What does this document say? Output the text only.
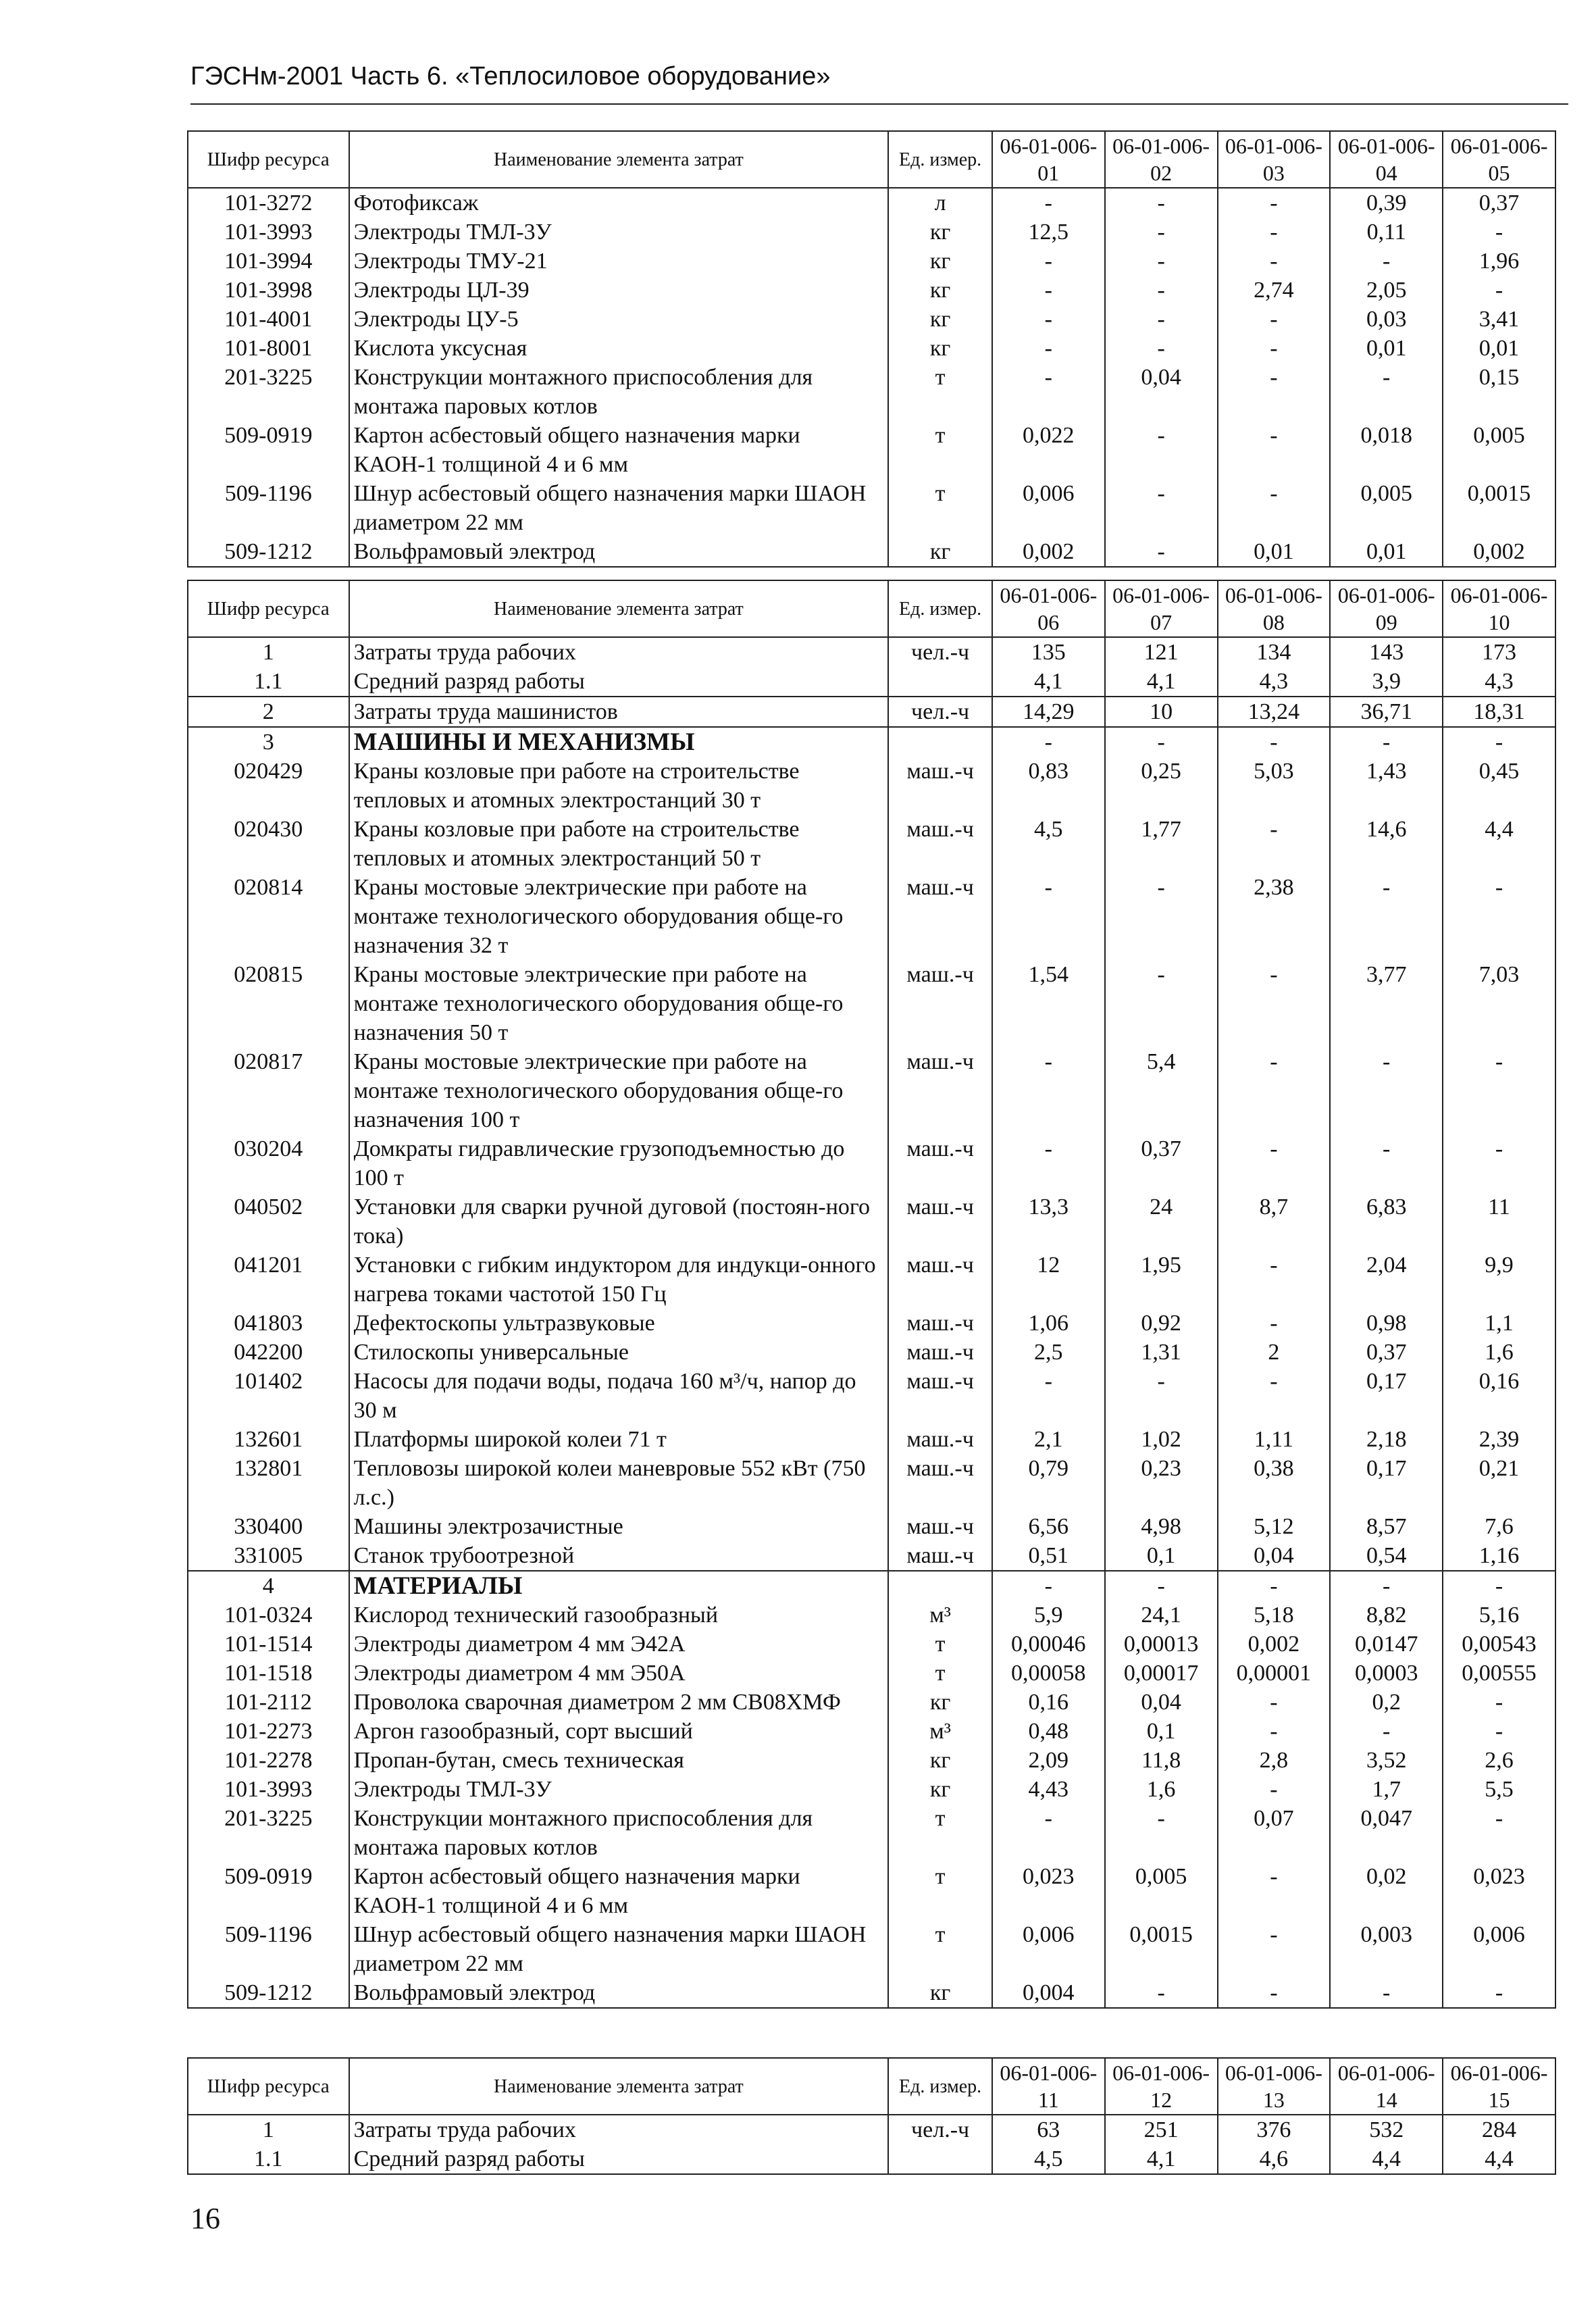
ГЭСНм-2001 Часть 6. «Теплосиловое оборудование»
Шифр ресурса	Наименование элемента затрат	Ед. измер.	06-01-006-01	06-01-006-02	06-01-006-03	06-01-006-04	06-01-006-05
101-3272	Фотофиксаж	л	-	-	-	0,39	0,37
101-3993	Электроды ТМЛ-3У	кг	12,5	-	-	0,11	-
101-3994	Электроды ТМУ-21	кг	-	-	-	-	1,96
101-3998	Электроды ЦЛ-39	кг	-	-	2,74	2,05	-
101-4001	Электроды ЦУ-5	кг	-	-	-	0,03	3,41
101-8001	Кислота уксусная	кг	-	-	-	0,01	0,01
201-3225	Конструкции монтажного приспособления для монтажа паровых котлов	т	-	0,04	-	-	0,15
509-0919	Картон асбестовый общего назначения марки КАОН-1 толщиной 4 и 6 мм	т	0,022	-	-	0,018	0,005
509-1196	Шнур асбестовый общего назначения марки ШАОН диаметром 22 мм	т	0,006	-	-	0,005	0,0015
509-1212	Вольфрамовый электрод	кг	0,002	-	0,01	0,01	0,002
Шифр ресурса	Наименование элемента затрат	Ед. измер.	06-01-006-06	06-01-006-07	06-01-006-08	06-01-006-09	06-01-006-10
1	Затраты труда рабочих	чел.-ч	135	121	134	143	173
1.1	Средний разряд работы		4,1	4,1	4,3	3,9	4,3
2	Затраты труда машинистов	чел.-ч	14,29	10	13,24	36,71	18,31
3	МАШИНЫ И МЕХАНИЗМЫ		-	-	-	-	-
020429	Краны козловые при работе на строительстве тепловых и атомных электростанций 30 т	маш.-ч	0,83	0,25	5,03	1,43	0,45
020430	Краны козловые при работе на строительстве тепловых и атомных электростанций 50 т	маш.-ч	4,5	1,77	-	14,6	4,4
020814	Краны мостовые электрические при работе на монтаже технологического оборудования обще-го назначения 32 т	маш.-ч	-	-	2,38	-	-
020815	Краны мостовые электрические при работе на монтаже технологического оборудования обще-го назначения 50 т	маш.-ч	1,54	-	-	3,77	7,03
020817	Краны мостовые электрические при работе на монтаже технологического оборудования обще-го назначения 100 т	маш.-ч	-	5,4	-	-	-
030204	Домкраты гидравлические грузоподъемностью до 100 т	маш.-ч	-	0,37	-	-	-
040502	Установки для сварки ручной дуговой (постоян-ного тока)	маш.-ч	13,3	24	8,7	6,83	11
041201	Установки с гибким индуктором для индукци-онного нагрева токами частотой 150 Гц	маш.-ч	12	1,95	-	2,04	9,9
041803	Дефектоскопы ультразвуковые	маш.-ч	1,06	0,92	-	0,98	1,1
042200	Стилоскопы универсальные	маш.-ч	2,5	1,31	2	0,37	1,6
101402	Насосы для подачи воды, подача 160 м³/ч, напор до 30 м	маш.-ч	-	-	-	0,17	0,16
132601	Платформы широкой колеи 71 т	маш.-ч	2,1	1,02	1,11	2,18	2,39
132801	Тепловозы широкой колеи маневровые 552 кВт (750 л.с.)	маш.-ч	0,79	0,23	0,38	0,17	0,21
330400	Машины электрозачистные	маш.-ч	6,56	4,98	5,12	8,57	7,6
331005	Станок трубоотрезной	маш.-ч	0,51	0,1	0,04	0,54	1,16
4	МАТЕРИАЛЫ		-	-	-	-	-
101-0324	Кислород технический газообразный	м³	5,9	24,1	5,18	8,82	5,16
101-1514	Электроды диаметром 4 мм Э42А	т	0,00046	0,00013	0,002	0,0147	0,00543
101-1518	Электроды диаметром 4 мм Э50А	т	0,00058	0,00017	0,00001	0,0003	0,00555
101-2112	Проволока сварочная диаметром 2 мм СВ08ХМФ	кг	0,16	0,04	-	0,2	-
101-2273	Аргон газообразный, сорт высший	м³	0,48	0,1	-	-	-
101-2278	Пропан-бутан, смесь техническая	кг	2,09	11,8	2,8	3,52	2,6
101-3993	Электроды ТМЛ-3У	кг	4,43	1,6	-	1,7	5,5
201-3225	Конструкции монтажного приспособления для монтажа паровых котлов	т	-	-	0,07	0,047	-
509-0919	Картон асбестовый общего назначения марки КАОН-1 толщиной 4 и 6 мм	т	0,023	0,005	-	0,02	0,023
509-1196	Шнур асбестовый общего назначения марки ШАОН диаметром 22 мм	т	0,006	0,0015	-	0,003	0,006
509-1212	Вольфрамовый электрод	кг	0,004	-	-	-	-
Шифр ресурса	Наименование элемента затрат	Ед. измер.	06-01-006-11	06-01-006-12	06-01-006-13	06-01-006-14	06-01-006-15
1	Затраты труда рабочих	чел.-ч	63	251	376	532	284
1.1	Средний разряд работы		4,5	4,1	4,6	4,4	4,4
16
